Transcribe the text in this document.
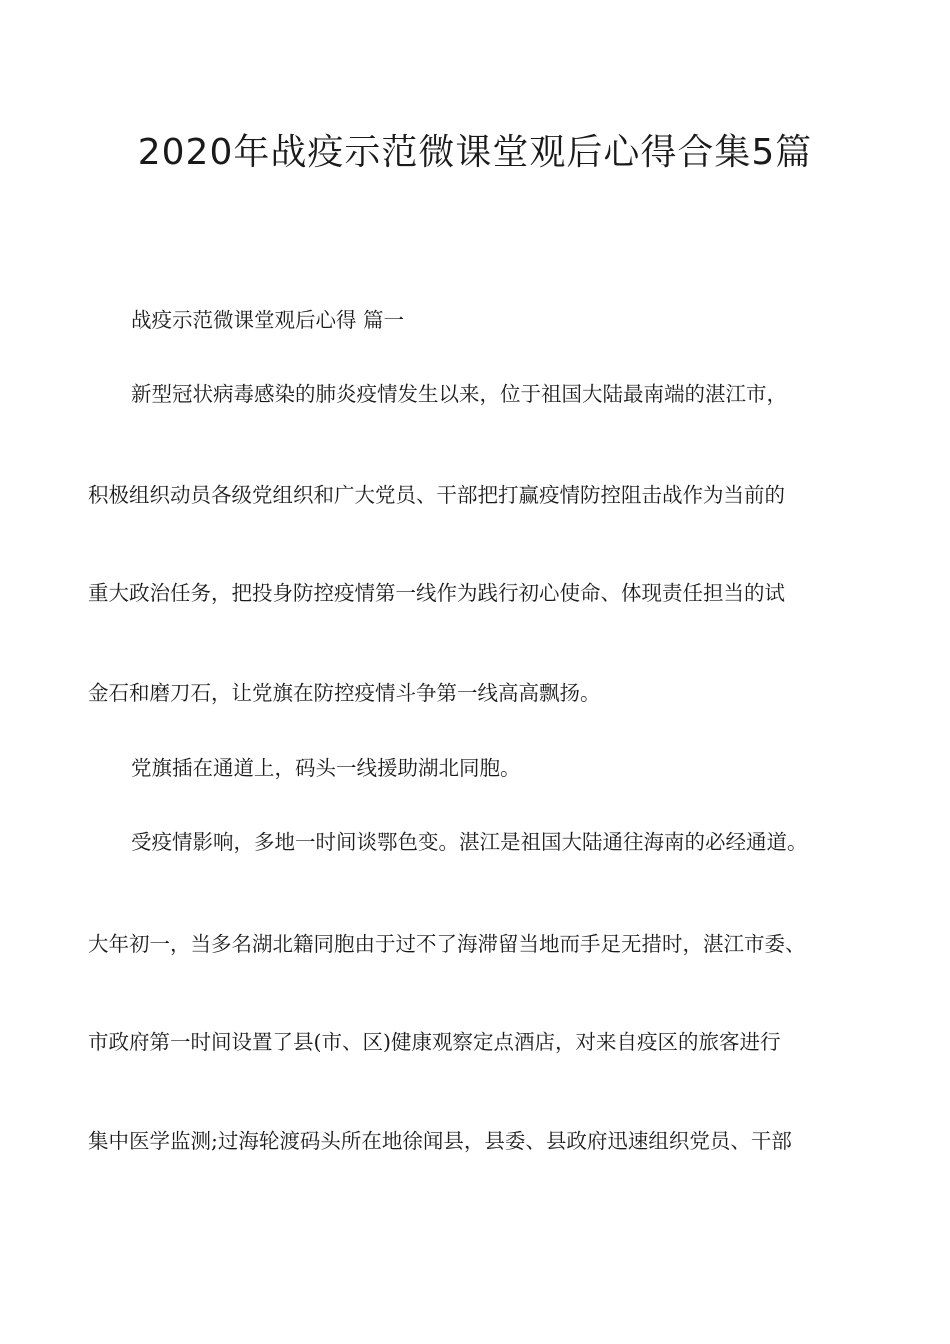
2020年战疫示范微课堂观后心得合集5篇
战疫示范微课堂观后心得 篇一
新型冠状病毒感染的肺炎疫情发生以来，位于祖国大陆最南端的湛江市，
积极组织动员各级党组织和广大党员、干部把打赢疫情防控阻击战作为当前的
重大政治任务，把投身防控疫情第一线作为践行初心使命、体现责任担当的试
金石和磨刀石，让党旗在防控疫情斗争第一线高高飘扬。
党旗插在通道上，码头一线援助湖北同胞。
受疫情影响，多地一时间谈鄂色变。湛江是祖国大陆通往海南的必经通道。
大年初一，当多名湖北籍同胞由于过不了海滞留当地而手足无措时，湛江市委、
市政府第一时间设置了县(市、区)健康观察定点酒店，对来自疫区的旅客进行
集中医学监测;过海轮渡码头所在地徐闻县，县委、县政府迅速组织党员、干部
